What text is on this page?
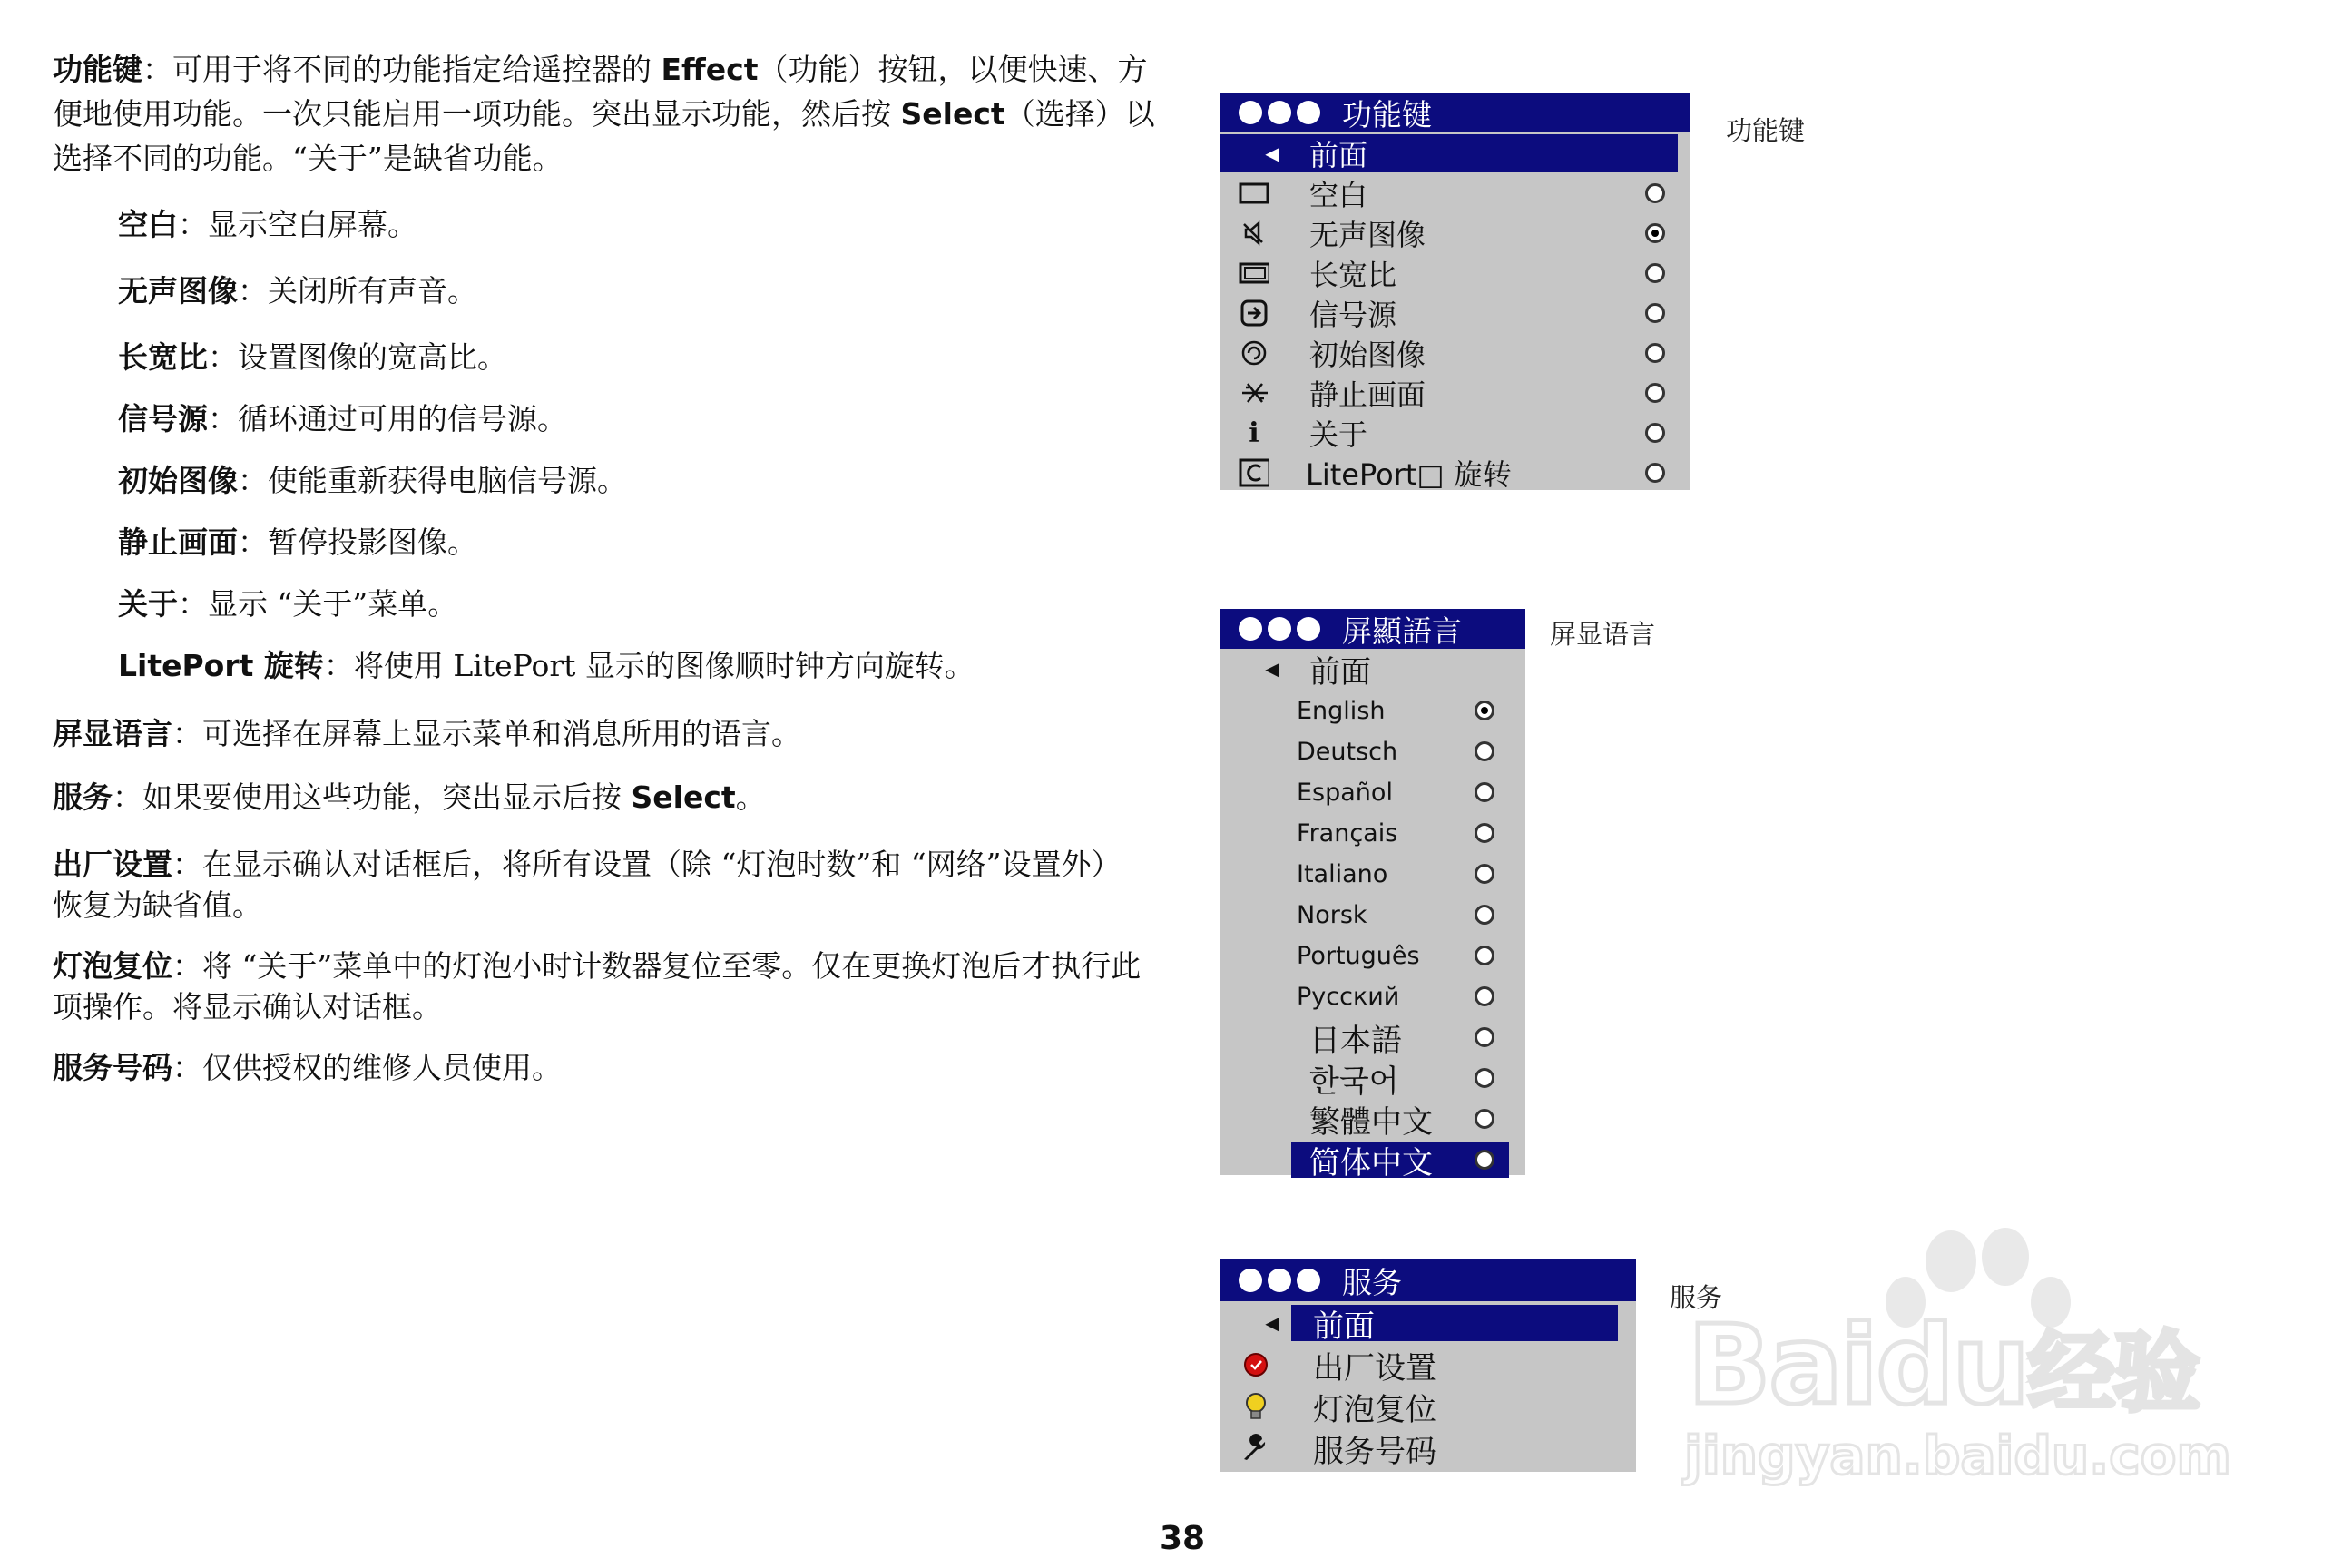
功能键：可用于将不同的功能指定给遥控器的 Effect（功能）按钮，以便快速、方便地使用功能。一次只能启用一项功能。突出显示功能，然后按 Select（选择）以选择不同的功能。“关于”是缺省功能。

空白：显示空白屏幕。
无声图像：关闭所有声音。
长宽比：设置图像的宽高比。
信号源：循环通过可用的信号源。
初始图像：使能重新获得电脑信号源。
静止画面：暂停投影图像。
关于：显示 “关于”菜单。
LitePort 旋转：将使用 LitePort 显示的图像顺时钟方向旋转。
屏显语言：可选择在屏幕上显示菜单和消息所用的语言。
服务：如果要使用这些功能，突出显示后按 Select。
出厂设置：在显示确认对话框后，将所有设置（除 “灯泡时数”和 “网络”设置外）恢复为缺省值。
灯泡复位：将 “关于”菜单中的灯泡小时计数器复位至零。仅在更换灯泡后才执行此项操作。将显示确认对话框。
服务号码：仅供授权的维修人员使用。
功能键
◀ 前面
空白
无声图像
长宽比
信号源
初始图像
静止画面
i	关于
LitePort□ 旋转
功能键
屏顯語言
◀ 前面
English
Deutsch
Español
Français
Italiano
Norsk
Português
Русский
日本語
한국어
繁體中文
简体中文
屏显语言
服务
◀ 前面
出厂设置
灯泡复位
服务号码
服务
38
Baidu经验
jingyan.baidu.com
